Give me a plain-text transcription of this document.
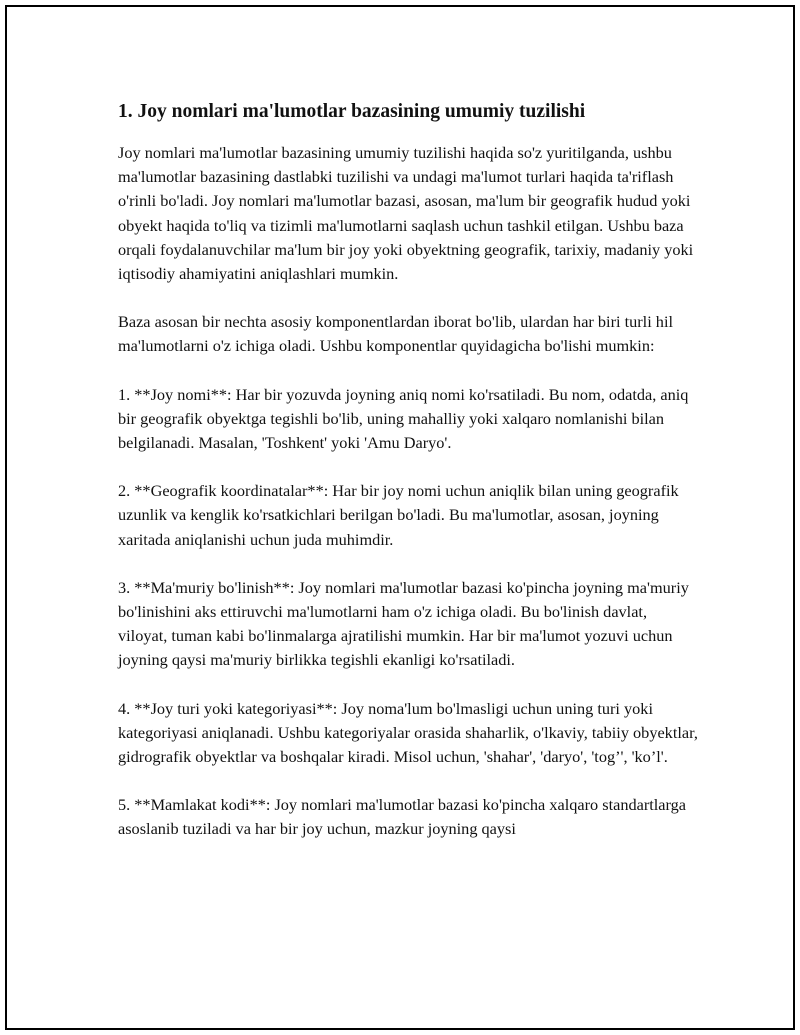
1. Joy nomlari ma'lumotlar bazasining umumiy tuzilishi

Joy nomlari ma'lumotlar bazasining umumiy tuzilishi haqida so'z yuritilganda, ushbu ma'lumotlar bazasining dastlabki tuzilishi va undagi ma'lumot turlari haqida ta'riflash o'rinli bo'ladi. Joy nomlari ma'lumotlar bazasi, asosan, ma'lum bir geografik hudud yoki obyekt haqida to'liq va tizimli ma'lumotlarni saqlash uchun tashkil etilgan. Ushbu baza orqali foydalanuvchilar ma'lum bir joy yoki obyektning geografik, tarixiy, madaniy yoki iqtisodiy ahamiyatini aniqlashlari mumkin.

Baza asosan bir nechta asosiy komponentlardan iborat bo'lib, ulardan har biri turli hil ma'lumotlarni o'z ichiga oladi. Ushbu komponentlar quyidagicha bo'lishi mumkin:

1. **Joy nomi**: Har bir yozuvda joyning aniq nomi ko'rsatiladi. Bu nom, odatda, aniq bir geografik obyektga tegishli bo'lib, uning mahalliy yoki xalqaro nomlanishi bilan belgilanadi. Masalan, 'Toshkent' yoki 'Amu Daryo'.

2. **Geografik koordinatalar**: Har bir joy nomi uchun aniqlik bilan uning geografik uzunlik va kenglik ko'rsatkichlari berilgan bo'ladi. Bu ma'lumotlar, asosan, joyning xaritada aniqlanishi uchun juda muhimdir.

3. **Ma'muriy bo'linish**: Joy nomlari ma'lumotlar bazasi ko'pincha joyning ma'muriy bo'linishini aks ettiruvchi ma'lumotlarni ham o'z ichiga oladi. Bu bo'linish davlat, viloyat, tuman kabi bo'linmalarga ajratilishi mumkin. Har bir ma'lumot yozuvi uchun joyning qaysi ma'muriy birlikka tegishli ekanligi ko'rsatiladi.

4. **Joy turi yoki kategoriyasi**: Joy noma'lum bo'lmasligi uchun uning turi yoki kategoriyasi aniqlanadi. Ushbu kategoriyalar orasida shaharlik, o'lkaviy, tabiiy obyektlar, gidrografik obyektlar va boshqalar kiradi. Misol uchun, 'shahar', 'daryo', 'tog’', 'ko’l'.

5. **Mamlakat kodi**: Joy nomlari ma'lumotlar bazasi ko'pincha xalqaro standartlarga asoslanib tuziladi va har bir joy uchun, mazkur joyning qaysi
